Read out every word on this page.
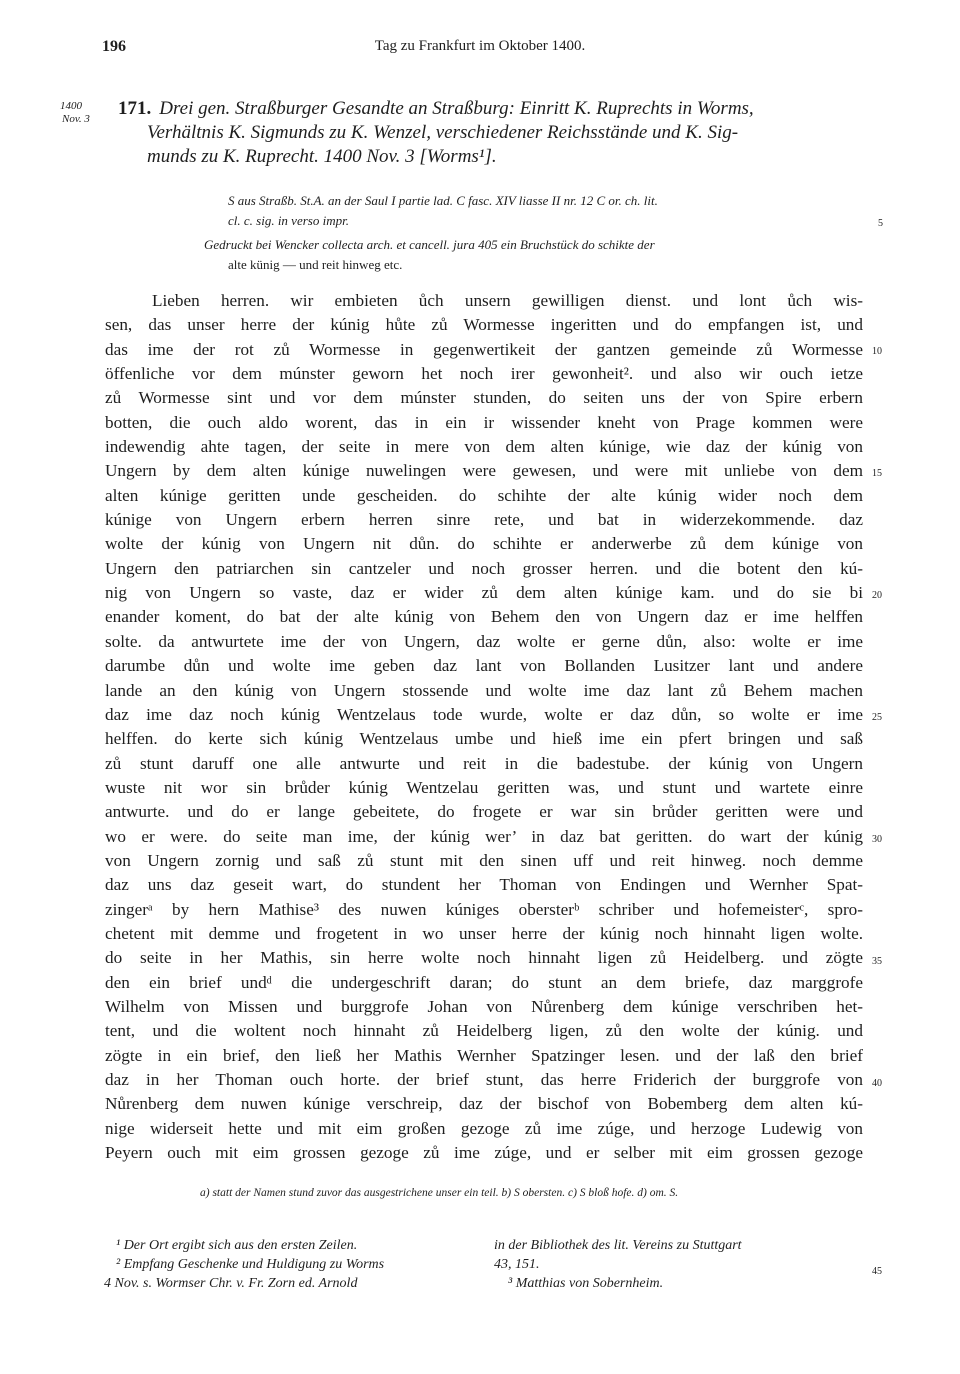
196	Tag zu Frankfurt im Oktober 1400.
1400
Nov. 3 171. Drei gen. Straßburger Gesandte an Straßburg: Einritt K. Ruprechts in Worms,
Verhältnis K. Sigmunds zu K. Wenzel, verschiedener Reichsstände und K. Sig-
munds zu K. Ruprecht. 1400 Nov. 3 [Worms¹].
S aus Straßb. St.A. an der Saul I partie lad. C fasc. XIV liasse II nr. 12 C or. ch. lit.
cl. c. sig. in verso impr.
Gedruckt bei Wencker collecta arch. et cancell. jura 405 ein Bruchstück do schikte der
alte künig — und reit hinweg etc.
5
10
15
20
25
30
35
40
45
Lieben herren. wir embieten ůch unsern gewilligen dienst. und lont ůch wis-
sen, das unser herre der kúnig hůte zů Wormesse ingeritten und do empfangen ist, und
das ime der rot zů Wormesse in gegenwertikeit der gantzen gemeinde zů Wormesse
öffenliche vor dem múnster geworn het noch irer gewonheit². und also wir ouch ietze
zů Wormesse sint und vor dem múnster stunden, do seiten uns der von Spire erbern
botten, die ouch aldo worent, das in ein ir wissender kneht von Prage kommen were
indewendig ahte tagen, der seite in mere von dem alten kúnige, wie daz der kúnig von
Ungern by dem alten kúnige nuwelingen were gewesen, und were mit unliebe von dem
alten kúnige geritten unde gescheiden. do schihte der alte kúnig wider noch dem
kúnige von Ungern erbern herren sinre rete, und bat in widerzekommende. daz
wolte der kúnig von Ungern nit důn. do schihte er anderwerbe zů dem kúnige von
Ungern den patriarchen sin cantzeler und noch grosser herren. und die botent den kú-
nig von Ungern so vaste, daz er wider zů dem alten kúnige kam. und do sie bi
enander koment, do bat der alte kúnig von Behem den von Ungern daz er ime helffen
solte. da antwurtete ime der von Ungern, daz wolte er gerne důn, also: wolte er ime
darumbe důn und wolte ime geben daz lant von Bollanden Lusitzer lant und andere
lande an den kúnig von Ungern stossende und wolte ime daz lant zů Behem machen
daz ime daz noch kúnig Wentzelaus tode wurde, wolte er daz důn, so wolte er ime
helffen. do kerte sich kúnig Wentzelaus umbe und hieß ime ein pfert bringen und saß
zů stunt daruff one alle antwurte und reit in die badestube. der kúnig von Ungern
wuste nit wor sin brůder kúnig Wentzelau geritten was, und stunt und wartete einre
antwurte. und do er lange gebeitete, do frogete er war sin brůder geritten were und
wo er were. do seite man ime, der kúnig wer’ in daz bat geritten. do wart der kúnig
von Ungern zornig und saß zů stunt mit den sinen uff und reit hinweg. noch demme
daz uns daz geseit wart, do stundent her Thoman von Endingen und Wernher Spat-
zingerᵃ by hern Mathise³ des nuwen kúniges obersterᵇ schriber und hofemeisterᶜ, spro-
chetent mit demme und frogetent in wo unser herre der kúnig noch hinnaht ligen wolte.
do seite in her Mathis, sin herre wolte noch hinnaht ligen zů Heidelberg. und zögte
den ein brief undᵈ die undergeschrift daran; do stunt an dem briefe, daz marggrofe
Wilhelm von Missen und burggrofe Johan von Nůrenberg dem kúnige verschriben het-
tent, und die woltent noch hinnaht zů Heidelberg ligen, zů den wolte der kúnig. und
zögte in ein brief, den ließ her Mathis Wernher Spatzinger lesen. und der laß den brief
daz in her Thoman ouch horte. der brief stunt, das herre Friderich der burggrofe von
Nůrenberg dem nuwen kúnige verschreip, daz der bischof von Bobemberg dem alten kú-
nige widerseit hette und mit eim großen gezoge zů ime zúge, und herzoge Ludewig von
Peyern ouch mit eim grossen gezoge zů ime zúge, und er selber mit eim grossen gezoge
a) statt der Namen stund zuvor das ausgestrichene unser ein teil. b) S obersten. c) S bloß hofe. d) om. S.
¹ Der Ort ergibt sich aus den ersten Zeilen.
² Empfang Geschenke und Huldigung zu Worms
4 Nov. s. Wormser Chr. v. Fr. Zorn ed. Arnold
in der Bibliothek des lit. Vereins zu Stuttgart
43, 151.
³ Matthias von Sobernheim.
